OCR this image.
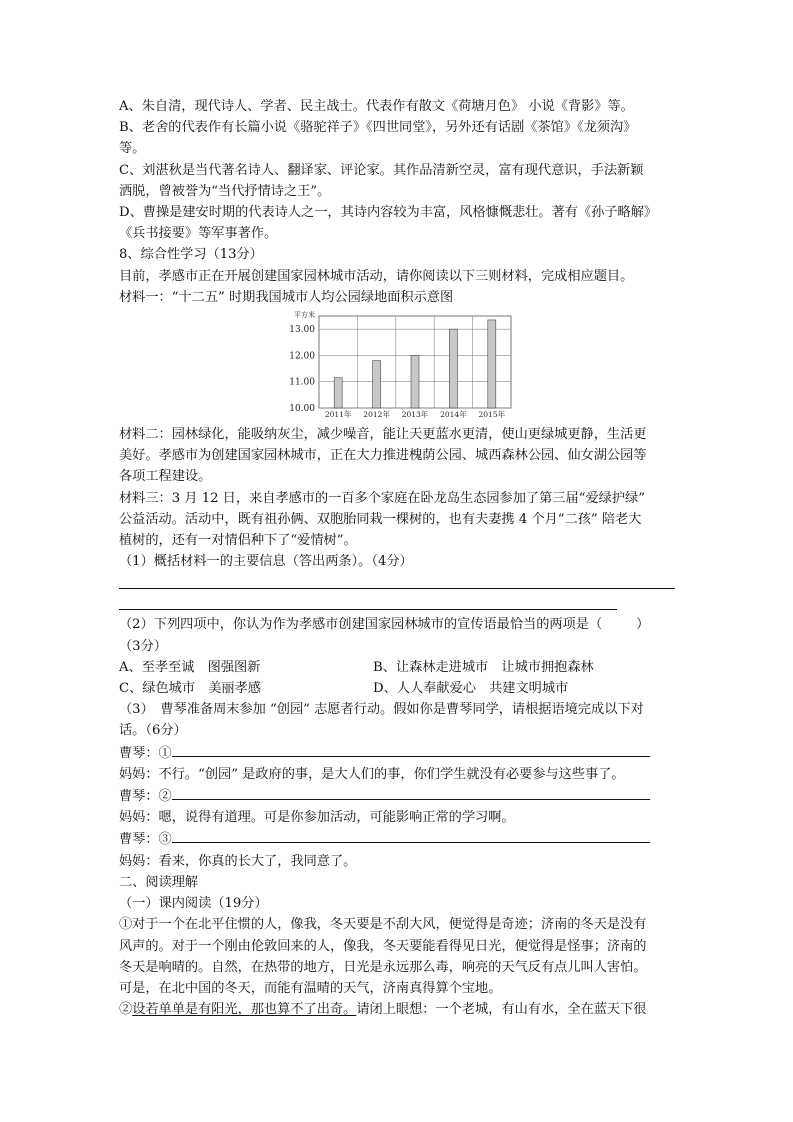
A、朱自清，现代诗人、学者、民主战士。代表作有散文《荷塘月色》 小说《背影》等。
B、老舍的代表作有长篇小说《骆驼祥子》《四世同堂》，另外还有话剧《茶馆》《龙须沟》
等。
C、刘湛秋是当代著名诗人、翻译家、评论家。其作品清新空灵，富有现代意识，手法新颖
洒脱，曾被誉为“当代抒情诗之王”。
D、曹操是建安时期的代表诗人之一，其诗内容较为丰富，风格慷慨悲壮。著有《孙子略解》
《兵书接要》等军事著作。
8、综合性学习（13分）
目前，孝感市正在开展创建国家园林城市活动，请你阅读以下三则材料，完成相应题目。
材料一：“十二五” 时期我国城市人均公园绿地面积示意图
10.00
11.00
12.00
13.00
平方米
2011年 2012年 2013年 2014年 2015年
材料二：园林绿化，能吸纳灰尘，减少噪音，能让天更蓝水更清，使山更绿城更静，生活更
美好。孝感市为创建国家园林城市，正在大力推进槐荫公园、城西森林公园、仙女湖公园等
各项工程建设。
材料三：3 月 12 日，来自孝感市的一百多个家庭在卧龙岛生态园参加了第三届“爱绿护绿”
公益活动。活动中，既有祖孙俩、双胞胎同栽一棵树的，也有夫妻携 4 个月“二孩” 陪老大
植树的，还有一对情侣种下了“爱情树”。
（1）概括材料一的主要信息（答出两条）。（4分）
（2）下列四项中，你认为作为孝感市创建国家园林城市的宣传语最恰当的两项是（	）
（3分）
A、至孝至诚　图强图新	B、让森林走进城市　让城市拥抱森林
C、绿色城市　美丽孝感	D、人人奉献爱心　共建文明城市
（3）　曹琴准备周末参加 “创园” 志愿者行动。假如你是曹琴同学，请根据语境完成以下对
话。（6分）
曹琴：①
妈妈：不行。“创园” 是政府的事，是大人们的事，你们学生就没有必要参与这些事了。
曹琴：②
妈妈：嗯，说得有道理。可是你参加活动，可能影响正常的学习啊。
曹琴：③
妈妈：看来，你真的长大了，我同意了。
二、阅读理解
（一）课内阅读（19分）
①对于一个在北平住惯的人，像我，冬天要是不刮大风，便觉得是奇迹；济南的冬天是没有
风声的。对于一个刚由伦敦回来的人，像我，冬天要能看得见日光，便觉得是怪事；济南的
冬天是响晴的。自然，在热带的地方，日光是永远那么毒，响亮的天气反有点儿叫人害怕。
可是，在北中国的冬天，而能有温晴的天气，济南真得算个宝地。
②设若单单是有阳光，那也算不了出奇。请闭上眼想：一个老城，有山有水，全在蓝天下很
